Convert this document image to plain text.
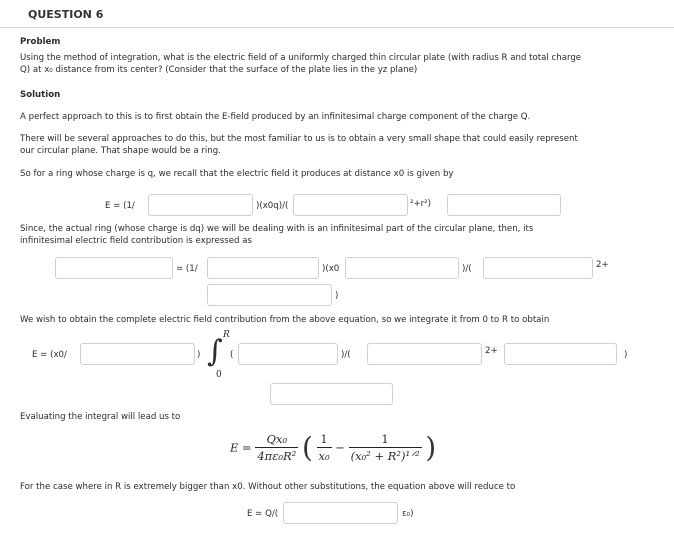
QUESTION 6
Problem
Using the method of integration, what is the electric field of a uniformly charged thin circular plate (with radius R and total charge
Q) at x₀ distance from its center? (Consider that the surface of the plate lies in the yz plane)
Solution
A perfect approach to this is to first obtain the E-field produced by an infinitesimal charge component of the charge Q.
There will be several approaches to do this, but the most familiar to us is to obtain a very small shape that could easily represent
our circular plane. That shape would be a ring.
So for a ring whose charge is q, we recall that the electric field it produces at distance x0 is given by
E = (1/	)(x0q)/(	²+r²)
Since, the actual ring (whose charge is dq) we will be dealing with is an infinitesimal part of the circular plane, then, its
infinitesimal electric field contribution is expressed as
= (1/	)(x0	)/(	2+
)
We wish to obtain the complete electric field contribution from the above equation, so we integrate it from 0 to R to obtain
E = (x0/	) ∫ R
0
(	)/(	2+	)
Evaluating the integral will lead us to
$E = \frac{\text{Qx₀}}{\text{4πε₀R²}}$ ( $\frac{1}{\text{x₀}} - \frac{1}{\text{(x₀² + R²)¹ᐟ²}}$ )
For the case where in R is extremely bigger than x0. Without other substitutions, the equation above will reduce to
E = Q/(	ε₀)
